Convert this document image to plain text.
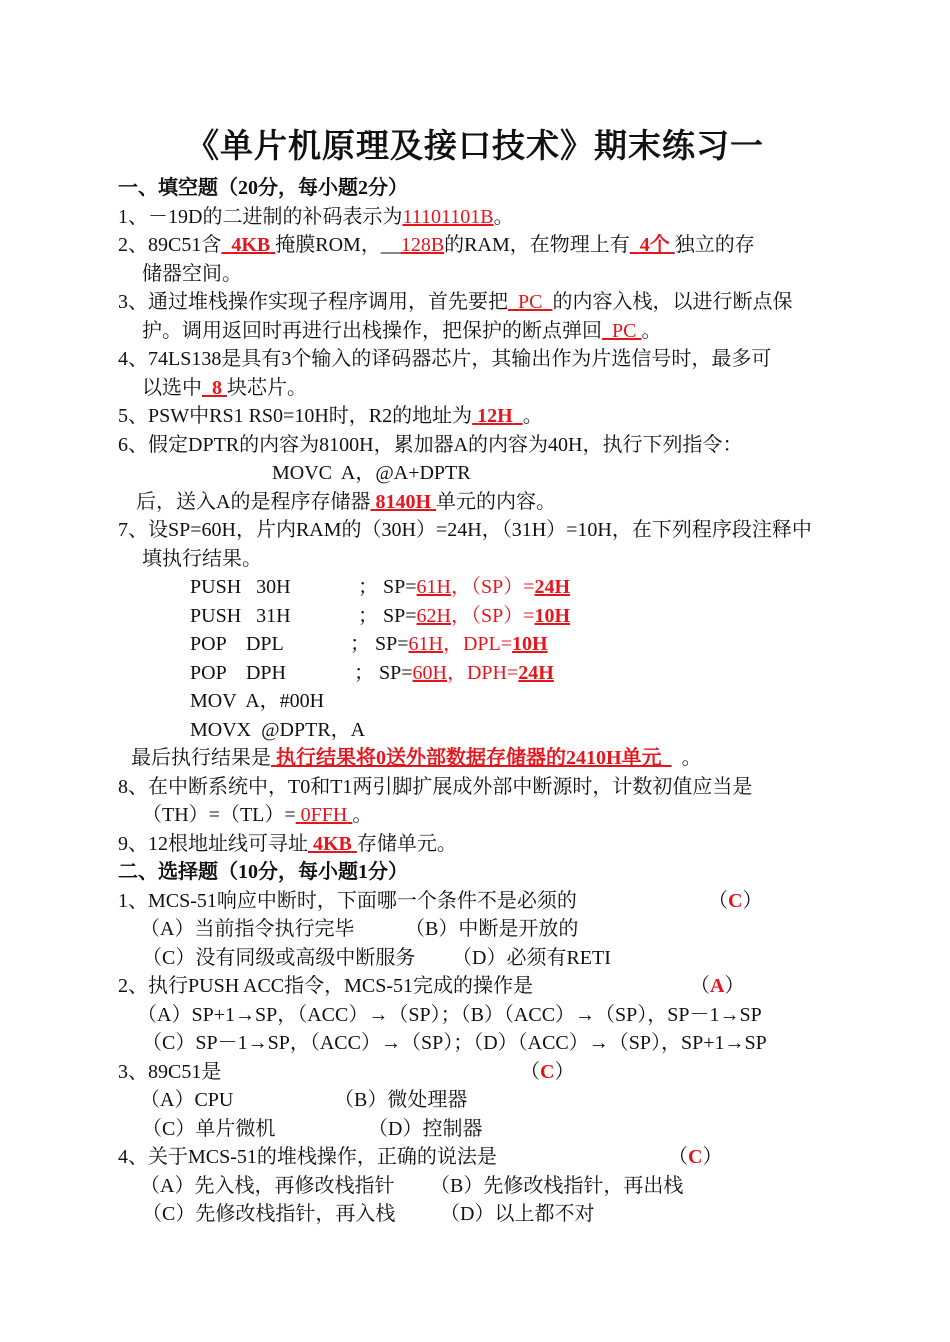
《单片机原理及接口技术》期末练习一
一、填空题（20分，每小题2分）
1、－19D的二进制的补码表示为11101101B。
2、89C51含 4KB 掩膜ROM，__128B的RAM，在物理上有 4个 独立的存
储器空间。
3、通过堆栈操作实现子程序调用，首先要把 PC 的内容入栈，以进行断点保
护。调用返回时再进行出栈操作，把保护的断点弹回 PC 。
4、74LS138是具有3个输入的译码器芯片，其输出作为片选信号时，最多可
以选中 8 块芯片。
5、PSW中RS1 RS0=10H时，R2的地址为 12H 。
6、假定DPTR的内容为8100H，累加器A的内容为40H，执行下列指令：
MOVC  A，@A+DPTR
后，送入A的是程序存储器 8140H 单元的内容。
7、设SP=60H，片内RAM的（30H）=24H，（31H）=10H，在下列程序段注释中
填执行结果。
PUSH   30H	； SP=61H，（SP）=24H
PUSH   31H	； SP=62H，（SP）=10H
POP    DPL	； SP=61H，DPL=10H
POP    DPH	； SP=60H，DPH=24H
MOV  A，#00H
MOVX  @DPTR，A
最后执行结果是 执行结果将0送外部数据存储器的2410H单元 。
8、在中断系统中，T0和T1两引脚扩展成外部中断源时，计数初值应当是
（TH）=（TL）= 0FFH 。
9、12根地址线可寻址 4KB 存储单元。
二、选择题（10分，每小题1分）
1、MCS-51响应中断时，下面哪一个条件不是必须的	（C）
（A）当前指令执行完毕	（B）中断是开放的
（C）没有同级或高级中断服务 （D）必须有RETI
2、执行PUSH ACC指令，MCS-51完成的操作是	（A）
（A）SP+1→SP，（ACC）→（SP）；（B）（ACC）→（SP），SP－1→SP
（C）SP－1→SP，（ACC）→（SP）；（D）（ACC）→（SP），SP+1→SP
3、89C51是	（C）
（A）CPU	（B）微处理器
（C）单片微机	（D）控制器
4、关于MCS-51的堆栈操作，正确的说法是	（C）
（A）先入栈，再修改栈指针 （B）先修改栈指针，再出栈
（C）先修改栈指针，再入栈 （D）以上都不对
